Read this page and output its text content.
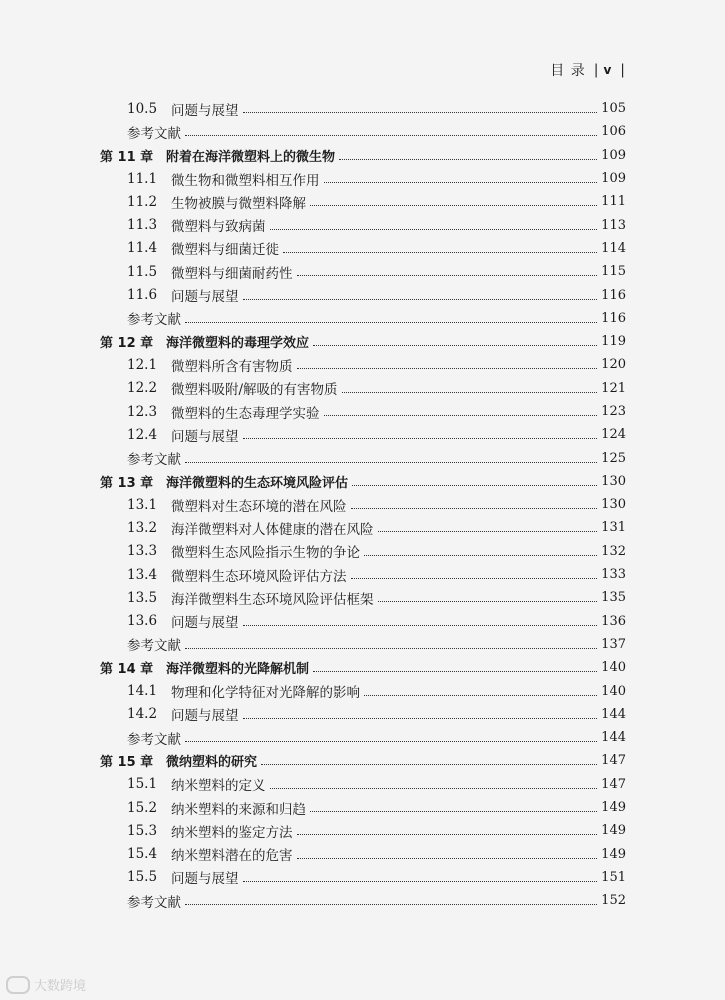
目 录 | v |
10.5	问题与展望	105
参考文献	106
第 11 章 附着在海洋微塑料上的微生物	109
11.1	微生物和微塑料相互作用	109
11.2	生物被膜与微塑料降解	111
11.3	微塑料与致病菌	113
11.4	微塑料与细菌迁徙	114
11.5	微塑料与细菌耐药性	115
11.6	问题与展望	116
参考文献	116
第 12 章 海洋微塑料的毒理学效应	119
12.1	微塑料所含有害物质	120
12.2	微塑料吸附/解吸的有害物质	121
12.3	微塑料的生态毒理学实验	123
12.4	问题与展望	124
参考文献	125
第 13 章 海洋微塑料的生态环境风险评估	130
13.1	微塑料对生态环境的潜在风险	130
13.2	海洋微塑料对人体健康的潜在风险	131
13.3	微塑料生态风险指示生物的争论	132
13.4	微塑料生态环境风险评估方法	133
13.5	海洋微塑料生态环境风险评估框架	135
13.6	问题与展望	136
参考文献	137
第 14 章 海洋微塑料的光降解机制	140
14.1	物理和化学特征对光降解的影响	140
14.2	问题与展望	144
参考文献	144
第 15 章 微纳塑料的研究	147
15.1	纳米塑料的定义	147
15.2	纳米塑料的来源和归趋	149
15.3	纳米塑料的鉴定方法	149
15.4	纳米塑料潜在的危害	149
15.5	问题与展望	151
参考文献	152
大数跨境
